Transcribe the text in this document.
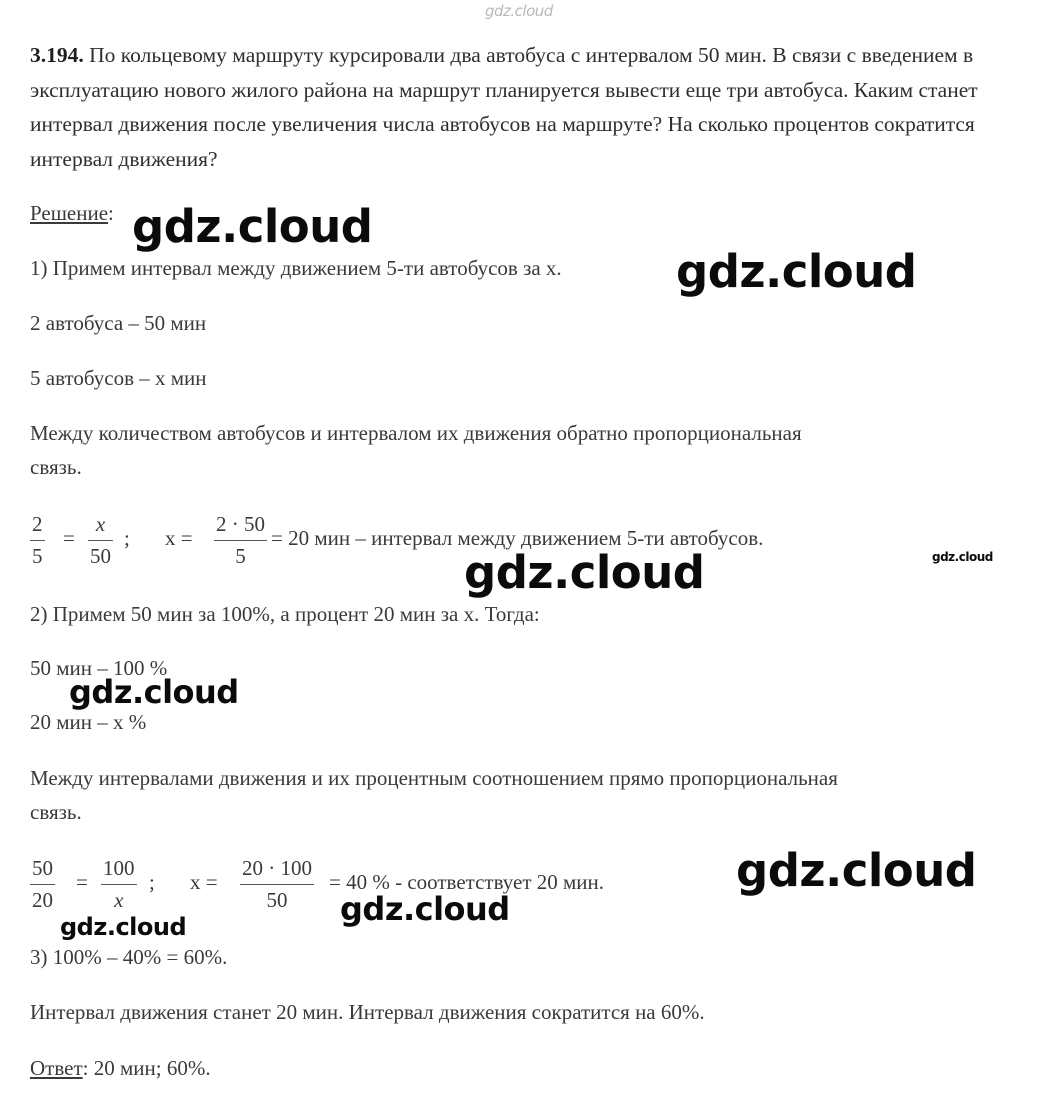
gdz.cloud
3.194. По кольцевому маршруту курсировали два автобуса с интервалом 50 мин. В связи с введением в эксплуатацию нового жилого района на маршрут планируется вывести еще три автобуса. Каким станет интервал движения после увеличения числа автобусов на маршруте? На сколько процентов сократится интервал движения?
Решение:
1) Примем интервал между движением 5-ти автобусов за х.
2 автобуса – 50 мин
5 автобусов – х мин
Между количеством автобусов и интервалом их движения обратно пропорциональная
связь.
2
5
=
x
50
; х =
2 · 50
5
= 20 мин – интервал между движением 5-ти автобусов.
2) Примем 50 мин за 100%, а процент 20 мин за х. Тогда:
50 мин – 100 %
20 мин – х %
Между интервалами движения и их процентным соотношением прямо пропорциональная
связь.
50
20
=
100
x
; х =
20 · 100
50
= 40 % - соответствует 20 мин.
3) 100% – 40% = 60%.
Интервал движения станет 20 мин. Интервал движения сократится на 60%.
Ответ: 20 мин; 60%.
gdz.cloud
gdz.cloud
gdz.cloud	gdz.cloud
gdz.cloud
gdz.cloud
gdz.cloud
gdz.cloud
